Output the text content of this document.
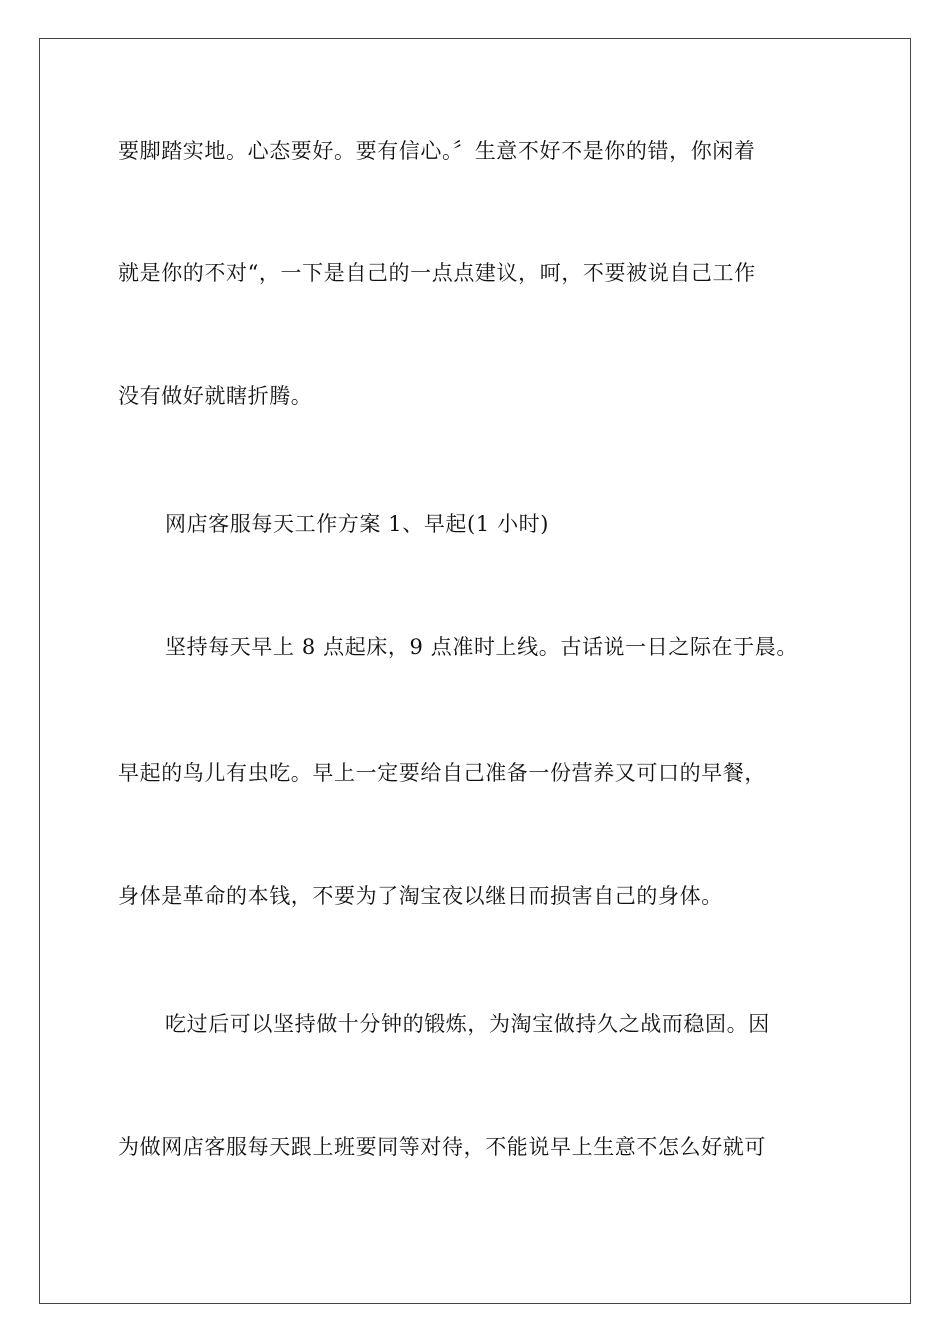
要脚踏实地。心态要好。要有信心。〞生意不好不是你的错，你闲着
就是你的不对“，一下是自己的一点点建议，呵，不要被说自己工作
没有做好就瞎折腾。
网店客服每天工作方案 1、早起(1 小时)
坚持每天早上 8 点起床，9 点准时上线。古话说一日之际在于晨。
早起的鸟儿有虫吃。早上一定要给自己准备一份营养又可口的早餐，
身体是革命的本钱，不要为了淘宝夜以继日而损害自己的身体。
吃过后可以坚持做十分钟的锻炼，为淘宝做持久之战而稳固。因
为做网店客服每天跟上班要同等对待，不能说早上生意不怎么好就可
